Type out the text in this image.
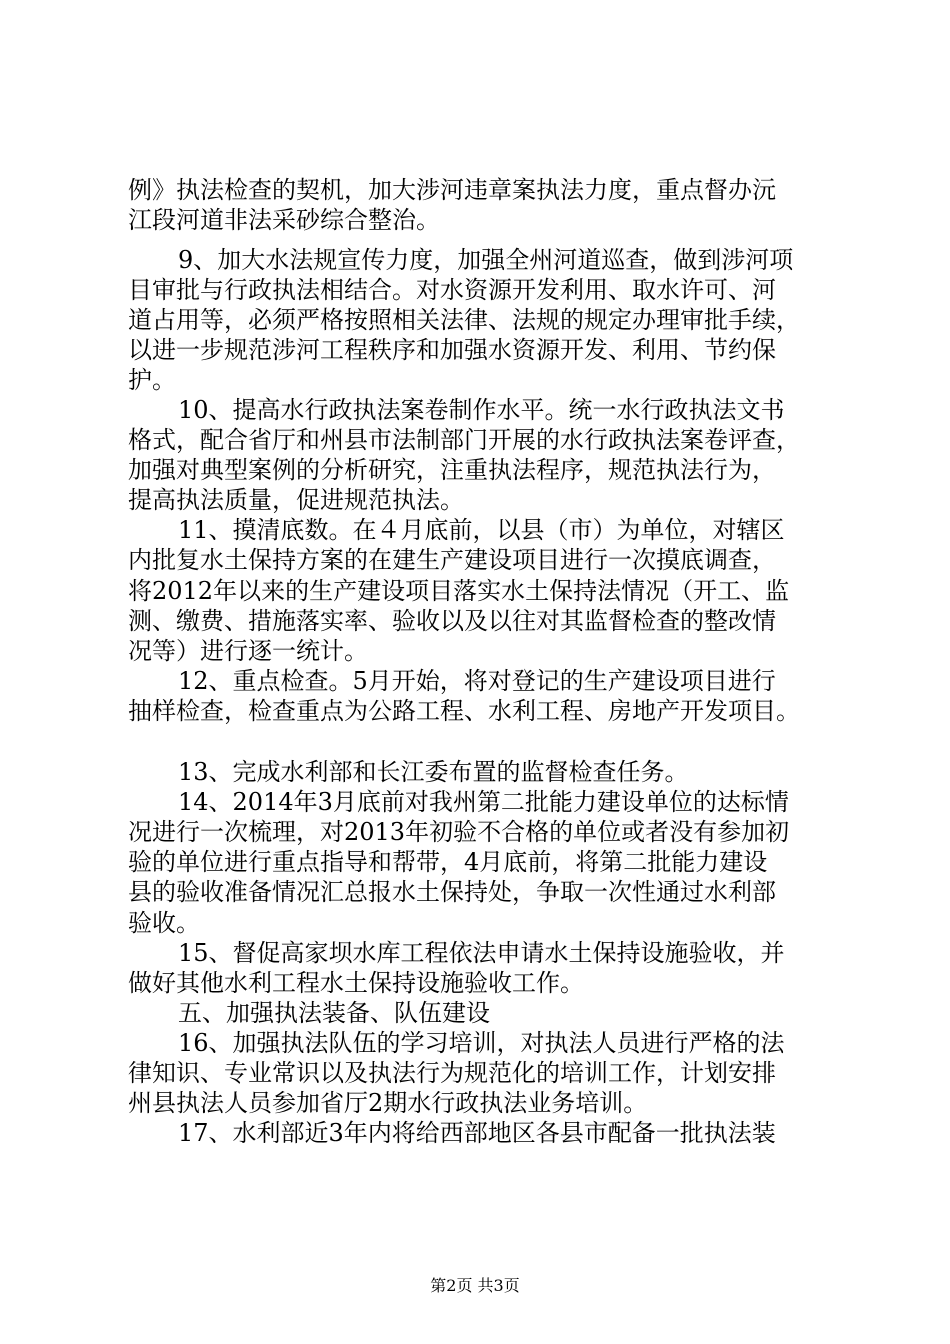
例》执法检查的契机，加大涉河违章案执法力度，重点督办沅
江段河道非法采砂综合整治。
9、加大水法规宣传力度，加强全州河道巡查，做到涉河项
目审批与行政执法相结合。对水资源开发利用、取水许可、河
道占用等，必须严格按照相关法律、法规的规定办理审批手续，
以进一步规范涉河工程秩序和加强水资源开发、利用、节约保
护。
10、提高水行政执法案卷制作水平。统一水行政执法文书
格式，配合省厅和州县市法制部门开展的水行政执法案卷评查，
加强对典型案例的分析研究，注重执法程序，规范执法行为，
提高执法质量，促进规范执法。
11、摸清底数。在４月底前，以县（市）为单位，对辖区
内批复水土保持方案的在建生产建设项目进行一次摸底调查，
将2012年以来的生产建设项目落实水土保持法情况（开工、监
测、缴费、措施落实率、验收以及以往对其监督检查的整改情
况等）进行逐一统计。
12、重点检查。5月开始，将对登记的生产建设项目进行
抽样检查，检查重点为公路工程、水利工程、房地产开发项目。
13、完成水利部和长江委布置的监督检查任务。
14、2014年3月底前对我州第二批能力建设单位的达标情
况进行一次梳理，对2013年初验不合格的单位或者没有参加初
验的单位进行重点指导和帮带，4月底前，将第二批能力建设
县的验收准备情况汇总报水土保持处，争取一次性通过水利部
验收。
15、督促高家坝水库工程依法申请水土保持设施验收，并
做好其他水利工程水土保持设施验收工作。
五、加强执法装备、队伍建设
16、加强执法队伍的学习培训，对执法人员进行严格的法
律知识、专业常识以及执法行为规范化的培训工作，计划安排
州县执法人员参加省厅2期水行政执法业务培训。
17、水利部近3年内将给西部地区各县市配备一批执法装
第2页 共3页
